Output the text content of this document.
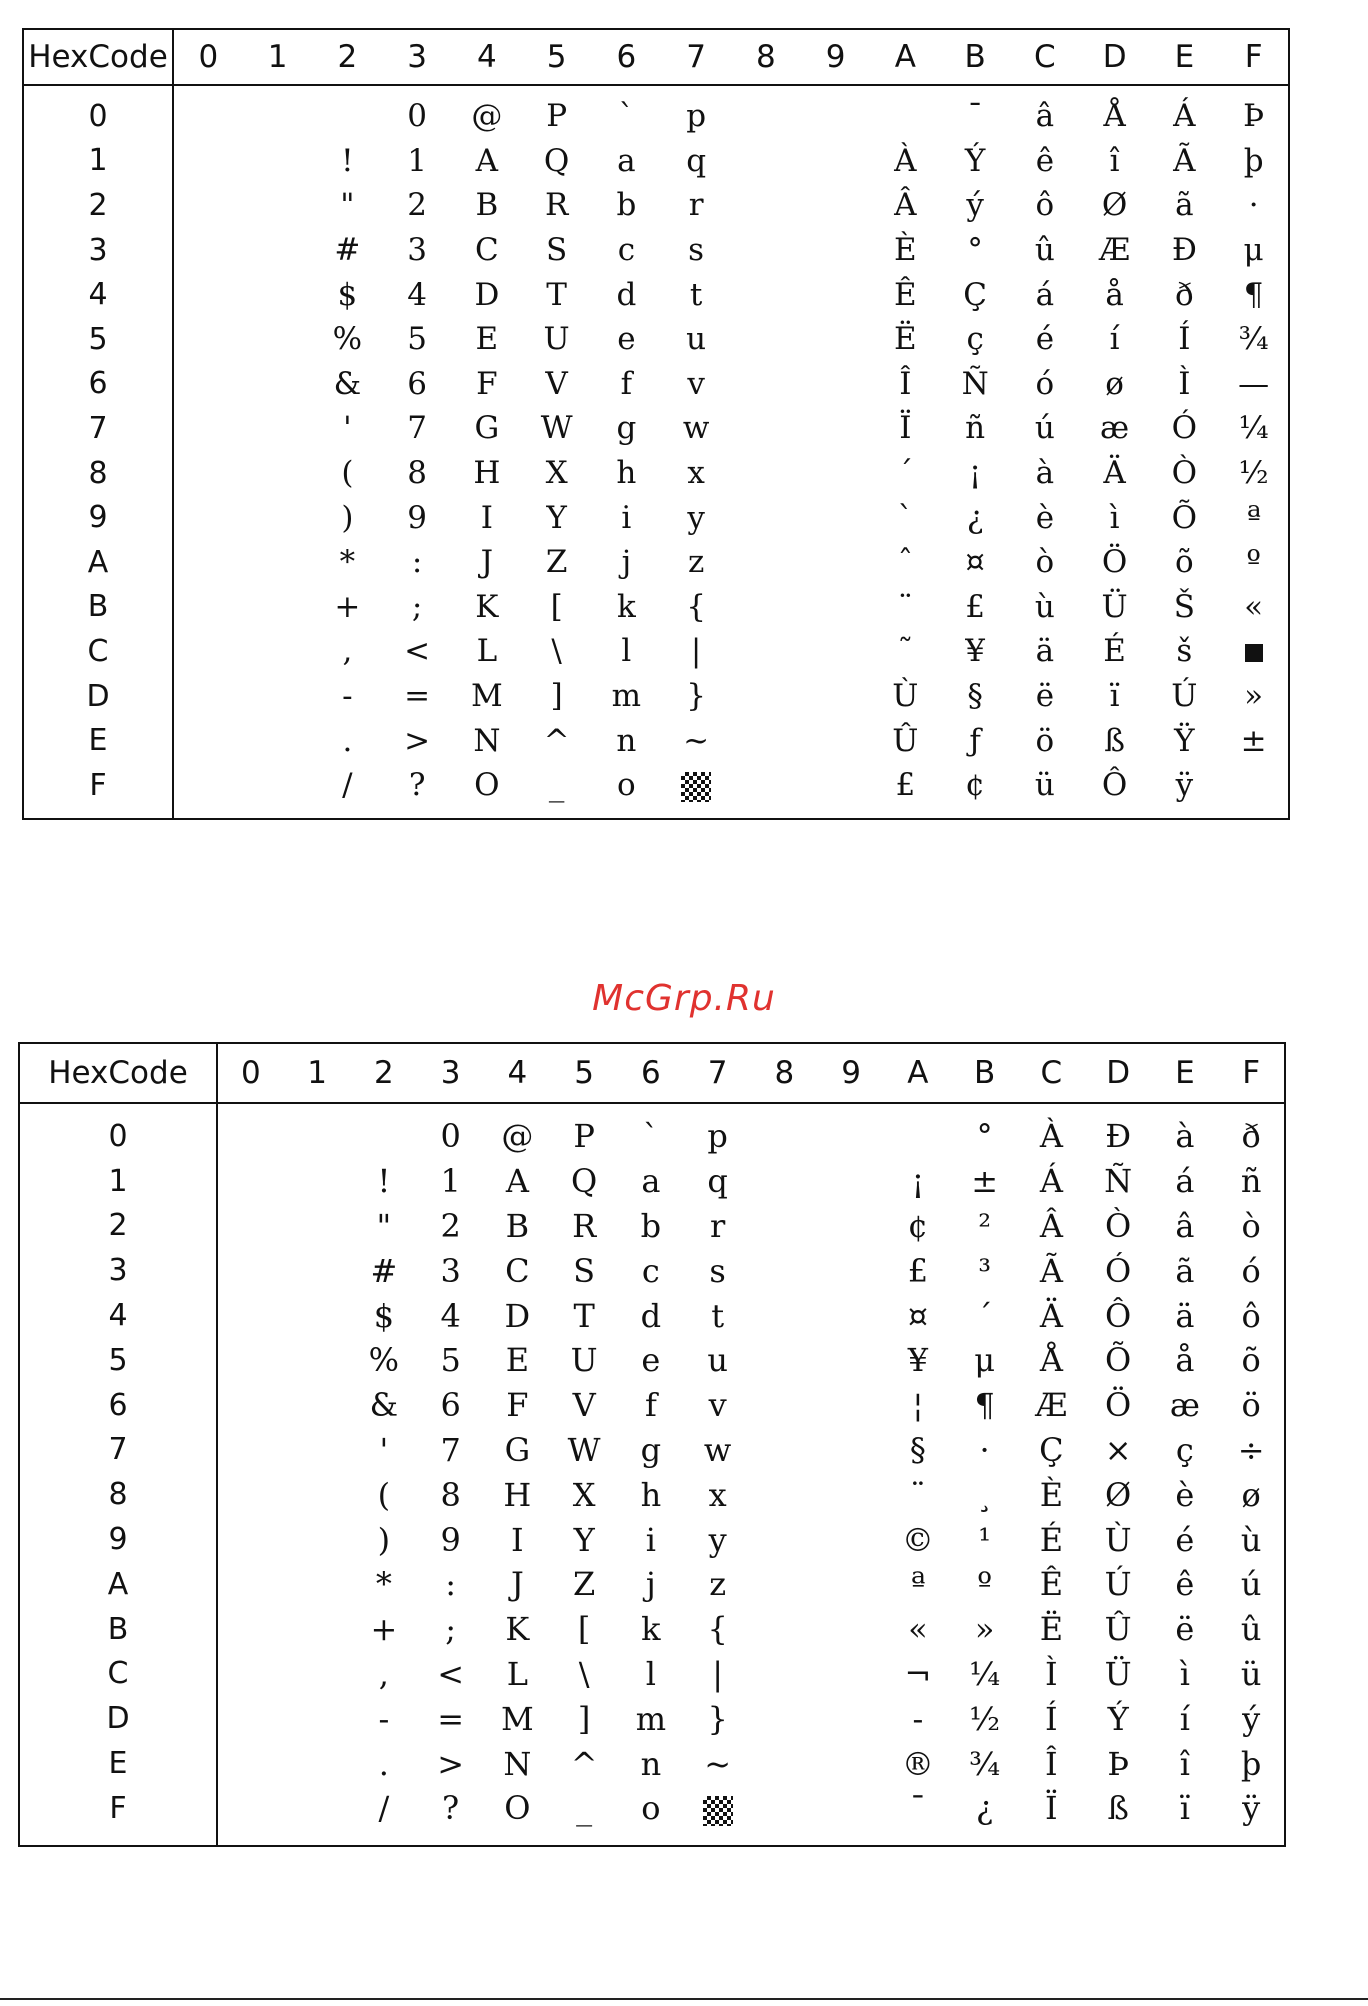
HexCode	0	1	2	3	4	5	6	7	8	9	A	B	C	D	E	F
0				0	@	P	`	p				¯	â	Å	Á	Þ
1			!	1	A	Q	a	q			À	Ý	ê	î	Ã	þ
2			"	2	B	R	b	r			Â	ý	ô	Ø	ã	·
3			#	3	C	S	c	s			È	°	û	Æ	Đ	μ
4			$	4	D	T	d	t			Ê	Ç	á	å	ð	¶
5			%	5	E	U	e	u			Ë	ç	é	í	Í	¾
6			&	6	F	V	f	v			Î	Ñ	ó	ø	Ì	—
7			'	7	G	W	g	w			Ï	ñ	ú	æ	Ó	¼
8			(	8	H	X	h	x			´	¡	à	Ä	Ò	½
9			)	9	I	Y	i	y			`	¿	è	ì	Õ	ª
A			*	:	J	Z	j	z			ˆ	¤	ò	Ö	õ	º
B			+	;	K	[	k	{			¨	£	ù	Ü	Š	«
C			,	<	L	\	l	|			˜	¥	ä	É	š	
D			-	=	M	]	m	}			Ù	§	ë	ï	Ú	»
E			.	>	N	^	n	~			Û	ƒ	ö	ß	Ÿ	±
F			/	?	O	_	o				£	¢	ü	Ô	ÿ	
McGrp.Ru
HexCode	0	1	2	3	4	5	6	7	8	9	A	B	C	D	E	F
0				0	@	P	`	p				°	À	Đ	à	ð
1			!	1	A	Q	a	q			¡	±	Á	Ñ	á	ñ
2			"	2	B	R	b	r			¢	²	Â	Ò	â	ò
3			#	3	C	S	c	s			£	³	Ã	Ó	ã	ó
4			$	4	D	T	d	t			¤	´	Ä	Ô	ä	ô
5			%	5	E	U	e	u			¥	μ	Å	Õ	å	õ
6			&	6	F	V	f	v			¦	¶	Æ	Ö	æ	ö
7			'	7	G	W	g	w			§	·	Ç	×	ç	÷
8			(	8	H	X	h	x			¨	¸	È	Ø	è	ø
9			)	9	I	Y	i	y			©	¹	É	Ù	é	ù
A			*	:	J	Z	j	z			ª	º	Ê	Ú	ê	ú
B			+	;	K	[	k	{			«	»	Ë	Û	ë	û
C			,	<	L	\	l	|			¬	¼	Ì	Ü	ì	ü
D			-	=	M	]	m	}			-	½	Í	Ý	í	ý
E			.	>	N	^	n	~			®	¾	Î	Þ	î	þ
F			/	?	O	_	o				¯	¿	Ï	ß	ï	ÿ
